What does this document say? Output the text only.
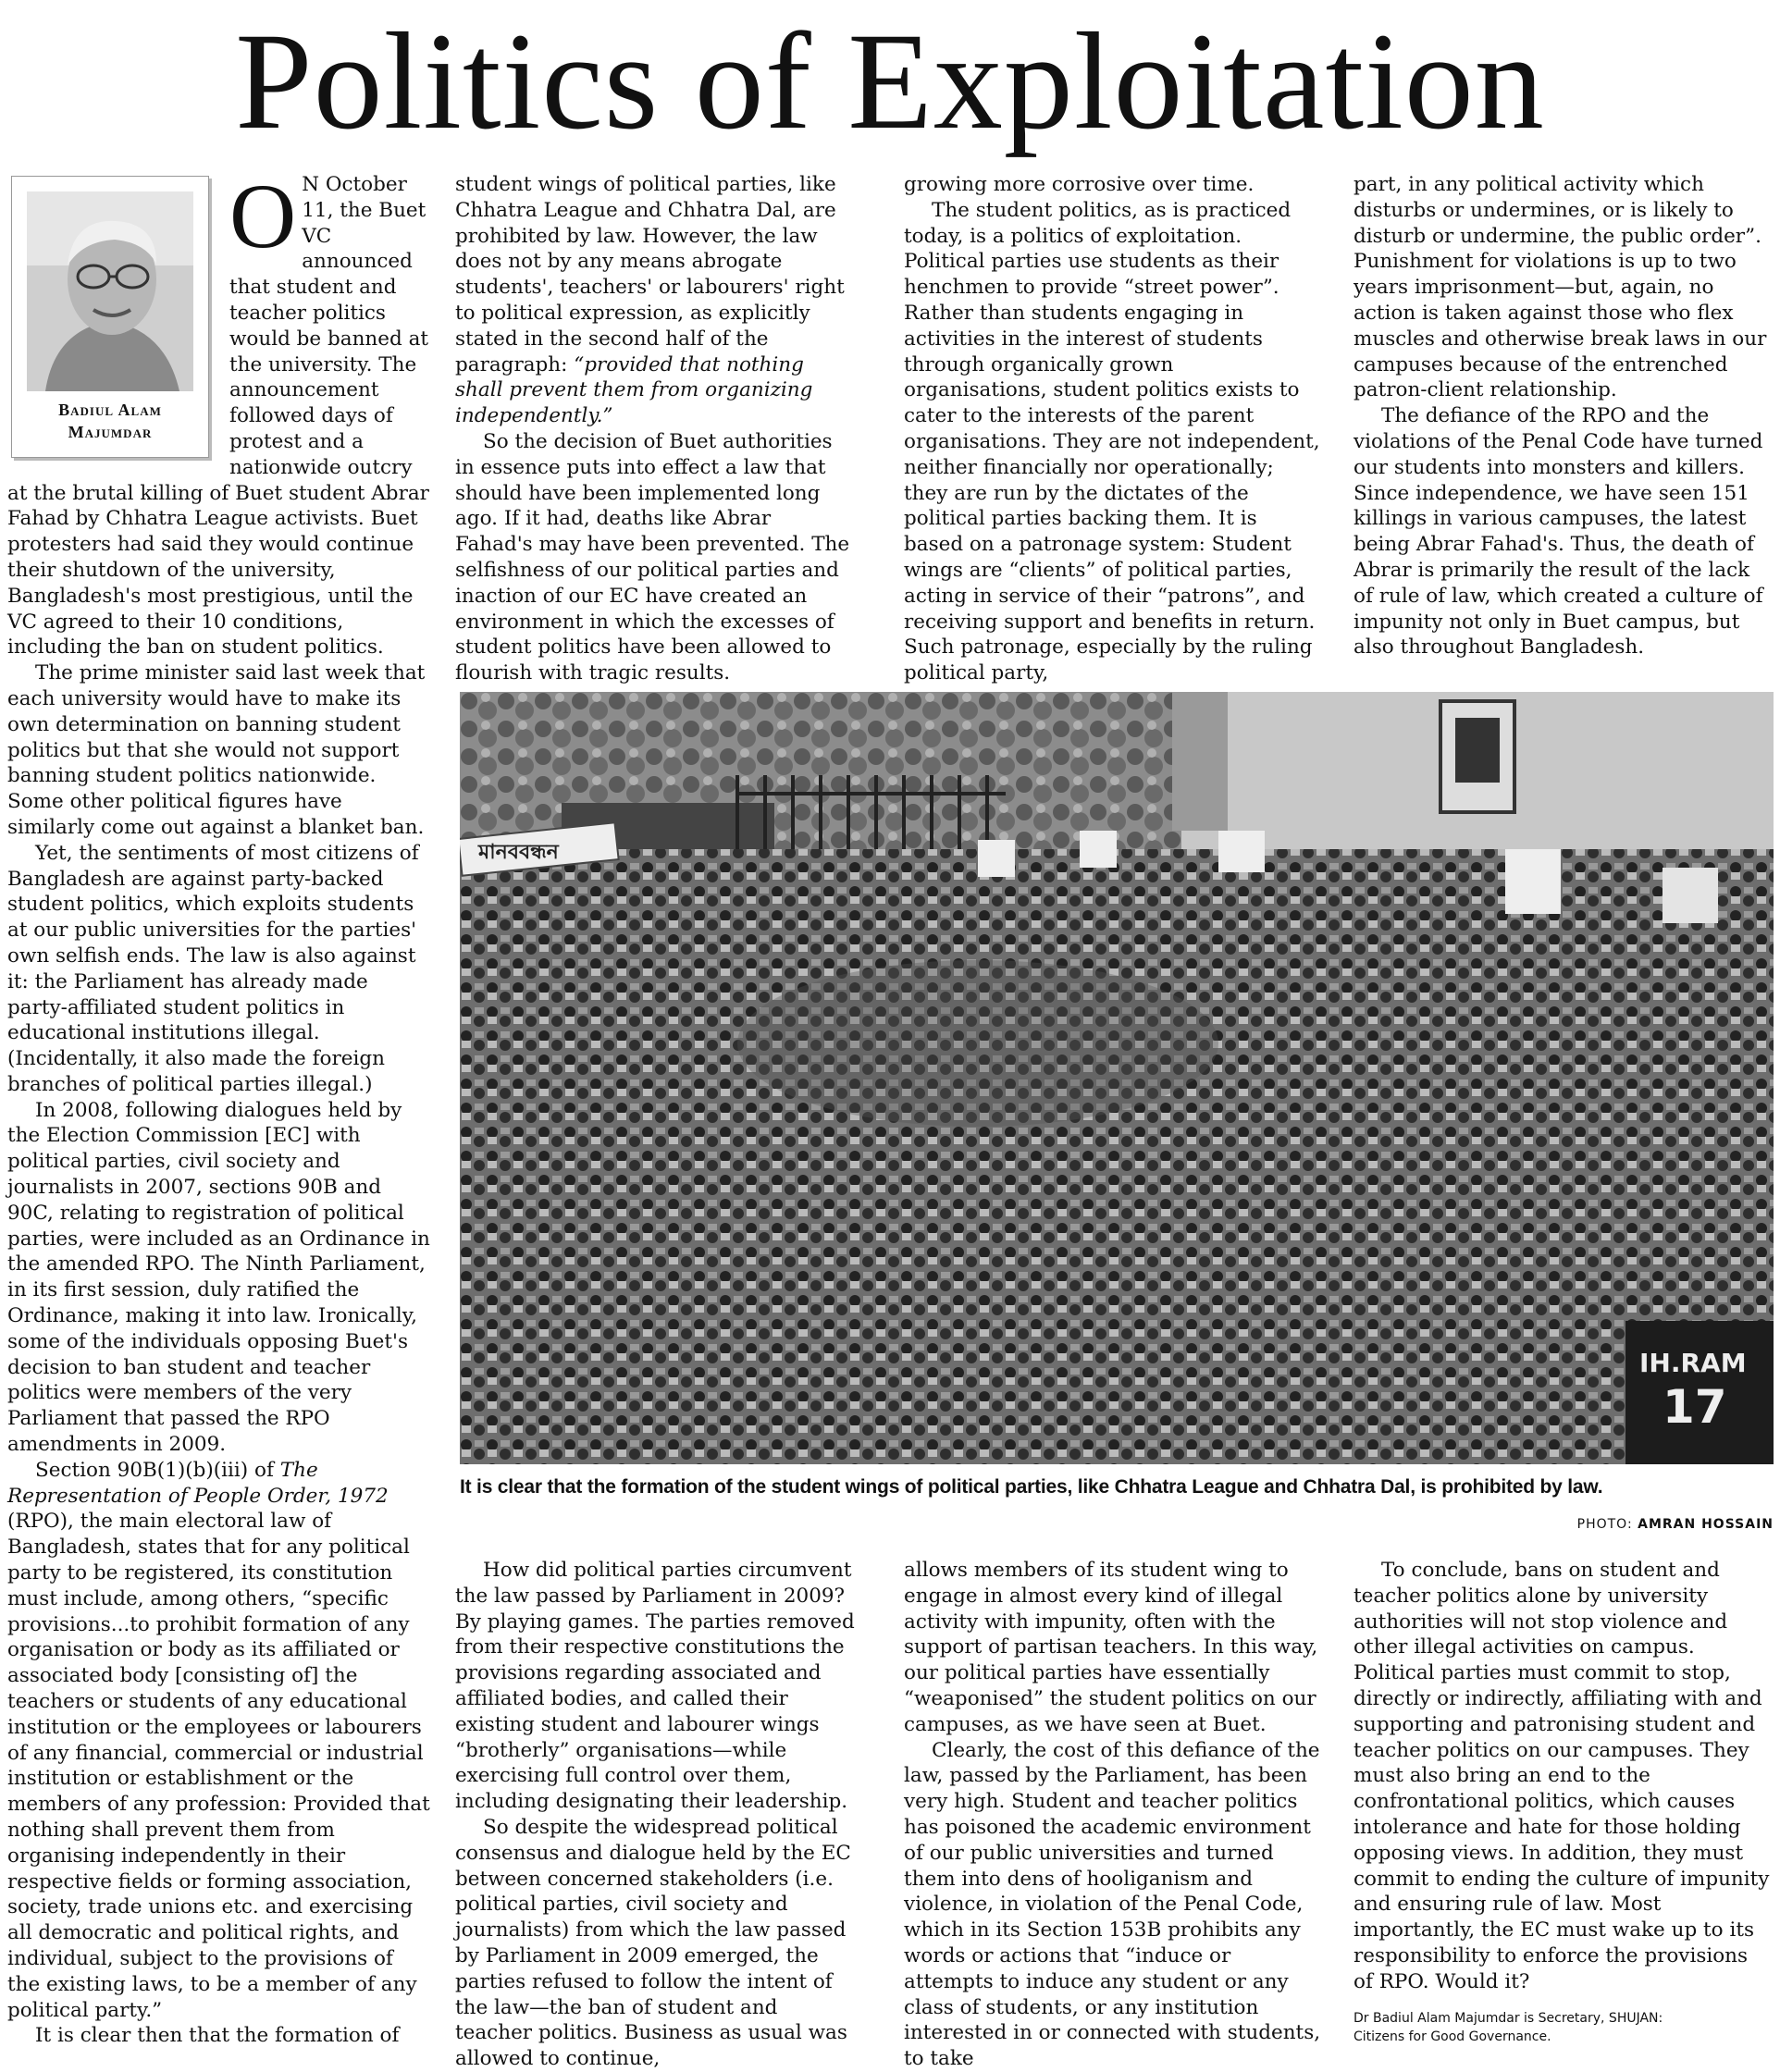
Politics of Exploitation
Badiul Alam
Majumdar

O N October 11, the Buet VC announced that student and teacher politics would be banned at the university. The announcement followed days of protest and a nationwide outcry at the brutal killing of Buet student Abrar Fahad by Chhatra League activists. Buet protesters had said they would continue their shutdown of the university, Bangladesh's most prestigious, until the VC agreed to their 10 conditions, including the ban on student politics.

The prime minister said last week that each university would have to make its own determination on banning student politics but that she would not support banning student politics nationwide. Some other political figures have similarly come out against a blanket ban.

Yet, the sentiments of most citizens of Bangladesh are against party-backed student politics, which exploits students at our public universities for the parties' own selfish ends. The law is also against it: the Parliament has already made party-affiliated student politics in educational institutions illegal. (Incidentally, it also made the foreign branches of political parties illegal.)

In 2008, following dialogues held by the Election Commission [EC] with political parties, civil society and journalists in 2007, sections 90B and 90C, relating to registration of political parties, were included as an Ordinance in the amended RPO. The Ninth Parliament, in its first session, duly ratified the Ordinance, making it into law. Ironically, some of the individuals opposing Buet's decision to ban student and teacher politics were members of the very Parliament that passed the RPO amendments in 2009.

Section 90B(1)(b)(iii) of The Representation of People Order, 1972 (RPO), the main electoral law of Bangladesh, states that for any political party to be registered, its constitution must include, among others, “specific provisions...to prohibit formation of any organisation or body as its affiliated or associated body [consisting of] the teachers or students of any educational institution or the employees or labourers of any financial, commercial or industrial institution or establishment or the members of any profession: Provided that nothing shall prevent them from organising independently in their respective fields or forming association, society, trade unions etc. and exercising all democratic and political rights, and individual, subject to the provisions of the existing laws, to be a member of any political party.”

It is clear then that the formation of

student wings of political parties, like Chhatra League and Chhatra Dal, are prohibited by law. However, the law does not by any means abrogate students', teachers' or labourers' right to political expression, as explicitly stated in the second half of the paragraph: “provided that nothing shall prevent them from organizing independently.”

So the decision of Buet authorities in essence puts into effect a law that should have been implemented long ago. If it had, deaths like Abrar Fahad's may have been prevented. The selfishness of our political parties and inaction of our EC have created an environment in which the excesses of student politics have been allowed to flourish with tragic results.

growing more corrosive over time.

The student politics, as is practiced today, is a politics of exploitation. Political parties use students as their henchmen to provide “street power”. Rather than students engaging in activities in the interest of students through organically grown organisations, student politics exists to cater to the interests of the parent organisations. They are not independent, neither financially nor operationally; they are run by the dictates of the political parties backing them. It is based on a patronage system: Student wings are “clients” of political parties, acting in service of their “patrons”, and receiving support and benefits in return. Such patronage, especially by the ruling political party,

part, in any political activity which disturbs or undermines, or is likely to disturb or undermine, the public order”. Punishment for violations is up to two years imprisonment—but, again, no action is taken against those who flex muscles and otherwise break laws in our campuses because of the entrenched patron-client relationship.

The defiance of the RPO and the violations of the Penal Code have turned our students into monsters and killers. Since independence, we have seen 151 killings in various campuses, the latest being Abrar Fahad's. Thus, the death of Abrar is primarily the result of the lack of rule of law, which created a culture of impunity not only in Buet campus, but also throughout Bangladesh.

মানববন্ধন
IH.RAM
17
It is clear that the formation of the student wings of political parties, like Chhatra League and Chhatra Dal, is prohibited by law.
PHOTO: AMRAN HOSSAIN

How did political parties circumvent the law passed by Parliament in 2009? By playing games. The parties removed from their respective constitutions the provisions regarding associated and affiliated bodies, and called their existing student and labourer wings “brotherly” organisations—while exercising full control over them, including designating their leadership.

So despite the widespread political consensus and dialogue held by the EC between concerned stakeholders (i.e. political parties, civil society and journalists) from which the law passed by Parliament in 2009 emerged, the parties refused to follow the intent of the law—the ban of student and teacher politics. Business as usual was allowed to continue,

allows members of its student wing to engage in almost every kind of illegal activity with impunity, often with the support of partisan teachers. In this way, our political parties have essentially “weaponised” the student politics on our campuses, as we have seen at Buet.

Clearly, the cost of this defiance of the law, passed by the Parliament, has been very high. Student and teacher politics has poisoned the academic environment of our public universities and turned them into dens of hooliganism and violence, in violation of the Penal Code, which in its Section 153B prohibits any words or actions that “induce or attempts to induce any student or any class of students, or any institution interested in or connected with students, to take

To conclude, bans on student and teacher politics alone by university authorities will not stop violence and other illegal activities on campus. Political parties must commit to stop, directly or indirectly, affiliating with and supporting and patronising student and teacher politics on our campuses. They must also bring an end to the confrontational politics, which causes intolerance and hate for those holding opposing views. In addition, they must commit to ending the culture of impunity and ensuring rule of law. Most importantly, the EC must wake up to its responsibility to enforce the provisions of RPO. Would it?

Dr Badiul Alam Majumdar is Secretary, SHUJAN:
Citizens for Good Governance.
